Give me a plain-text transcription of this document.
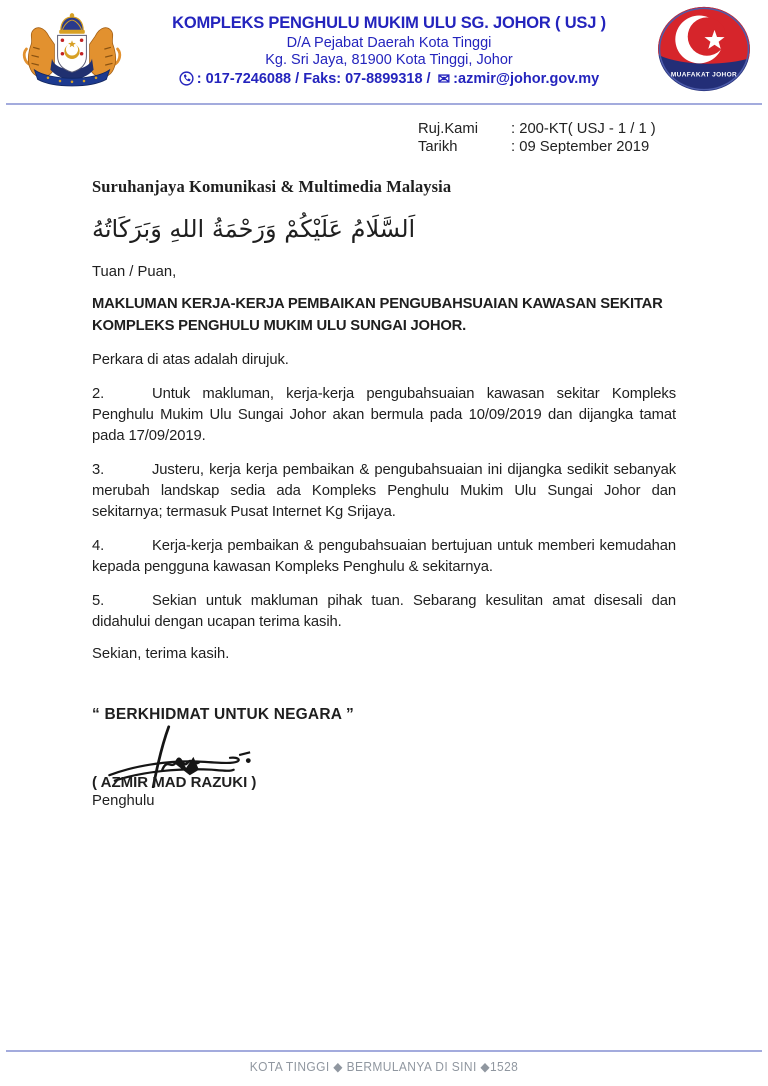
KOMPLEKS PENGHULU MUKIM ULU SG. JOHOR ( USJ )
D/A Pejabat Daerah Kota Tinggi
Kg. Sri Jaya, 81900 Kota Tinggi, Johor
: 017-7246088 / Faks: 07-8899318 / ✉ :azmir@johor.gov.my	MUAFAKAT JOHOR
Ruj.Kami : 200-KT( USJ - 1 / 1 )
Tarikh	: 09 September 2019
Suruhanjaya Komunikasi & Multimedia Malaysia
اَلسَّلَامُ عَلَيْكُمْ وَرَحْمَةُ اللهِ وَبَرَكَاتُهُ
Tuan / Puan,
MAKLUMAN KERJA-KERJA PEMBAIKAN PENGUBAHSUAIAN KAWASAN SEKITAR
KOMPLEKS PENGHULU MUKIM ULU SUNGAI JOHOR.

Perkara di atas adalah dirujuk.

2.	Untuk makluman, kerja-kerja pengubahsuaian kawasan sekitar Kompleks Penghulu Mukim Ulu Sungai Johor akan bermula pada 10/09/2019 dan dijangka tamat pada 17/09/2019.

3.	Justeru, kerja kerja pembaikan & pengubahsuaian ini dijangka sedikit sebanyak merubah landskap sedia ada Kompleks Penghulu Mukim Ulu Sungai Johor dan sekitarnya; termasuk Pusat Internet Kg Srijaya.

4.	Kerja-kerja pembaikan & pengubahsuaian bertujuan untuk memberi kemudahan kepada pengguna kawasan Kompleks Penghulu & sekitarnya.

5.	Sekian untuk makluman pihak tuan. Sebarang kesulitan amat disesali dan didahului dengan ucapan terima kasih.

Sekian, terima kasih.
“ BERKHIDMAT UNTUK NEGARA ”
( AZMIR MAD RAZUKI )
Penghulu
KOTA TINGGI ◆ BERMULANYA DI SINI ◆1528
